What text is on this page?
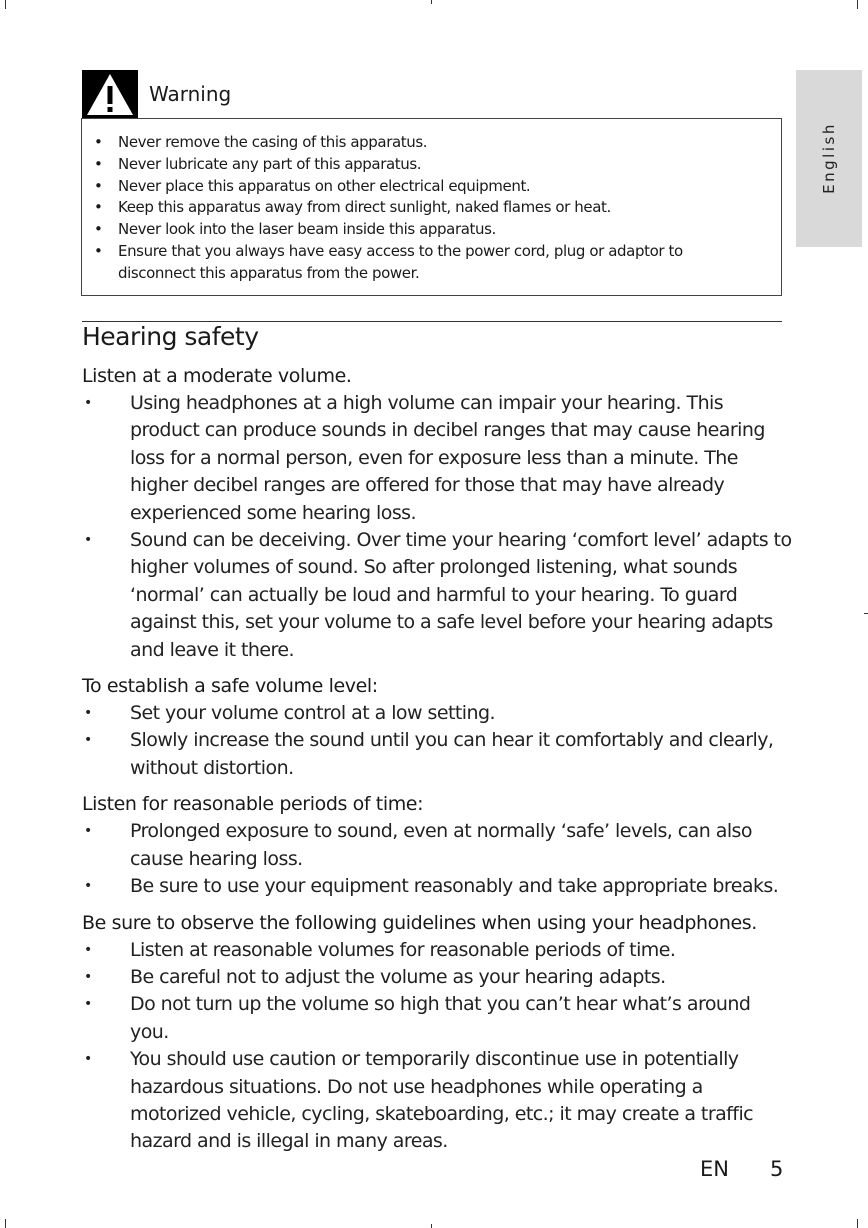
English
Warning
• Never remove the casing of this apparatus.
• Never lubricate any part of this apparatus.
• Never place this apparatus on other electrical equipment.
• Keep this apparatus away from direct sunlight, naked flames or heat.
• Never look into the laser beam inside this apparatus.
• Ensure that you always have easy access to the power cord, plug or adaptor to disconnect this apparatus from the power.
Hearing safety
Listen at a moderate volume.
• Using headphones at a high volume can impair your hearing. This product can produce sounds in decibel ranges that may cause hearing loss for a normal person, even for exposure less than a minute. The higher decibel ranges are offered for those that may have already experienced some hearing loss.
• Sound can be deceiving. Over time your hearing ‘comfort level’ adapts to higher volumes of sound. So after prolonged listening, what sounds ‘normal’ can actually be loud and harmful to your hearing. To guard against this, set your volume to a safe level before your hearing adapts and leave it there.
To establish a safe volume level:
• Set your volume control at a low setting.
• Slowly increase the sound until you can hear it comfortably and clearly, without distortion.
Listen for reasonable periods of time:
• Prolonged exposure to sound, even at normally ‘safe’ levels, can also cause hearing loss.
• Be sure to use your equipment reasonably and take appropriate breaks.
Be sure to observe the following guidelines when using your headphones.
• Listen at reasonable volumes for reasonable periods of time.
• Be careful not to adjust the volume as your hearing adapts.
• Do not turn up the volume so high that you can’t hear what’s around you.
• You should use caution or temporarily discontinue use in potentially hazardous situations. Do not use headphones while operating a motorized vehicle, cycling, skateboarding, etc.; it may create a traffic hazard and is illegal in many areas.
EN 5
